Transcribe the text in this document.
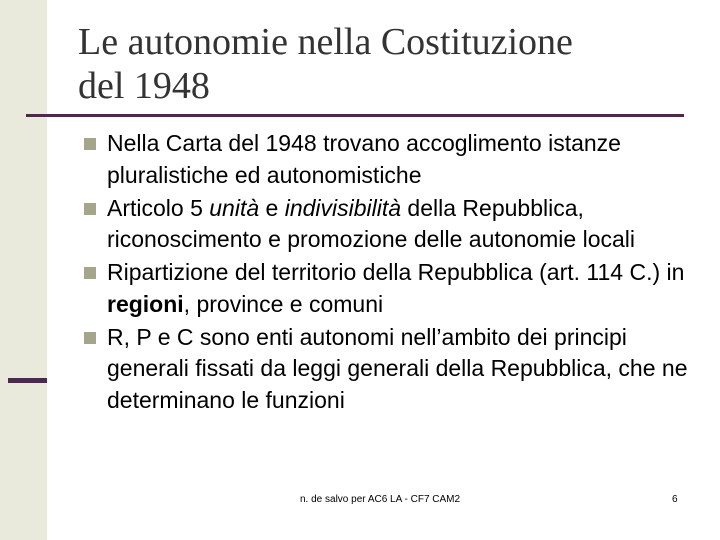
Le autonomie nella Costituzione
del 1948
Nella Carta del 1948 trovano accoglimento istanze pluralistiche ed autonomistiche
Articolo 5 unità e indivisibilità della Repubblica, riconoscimento e promozione delle autonomie locali
Ripartizione del territorio della Repubblica (art. 114 C.) in regioni, province e comuni
R, P e C sono enti autonomi nell’ambito dei principi generali fissati da leggi generali della Repubblica, che ne determinano le funzioni
n. de salvo per AC6 LA - CF7 CAM2	6
